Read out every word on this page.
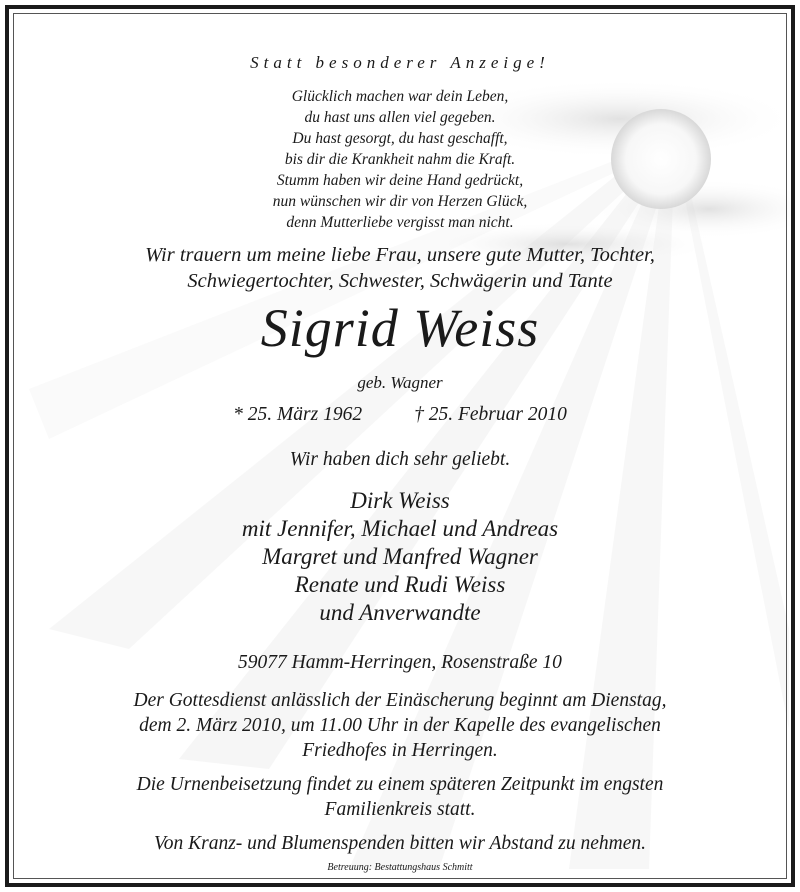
Statt besonderer Anzeige!
Glücklich machen war dein Leben,
du hast uns allen viel gegeben.
Du hast gesorgt, du hast geschafft,
bis dir die Krankheit nahm die Kraft.
Stumm haben wir deine Hand gedrückt,
nun wünschen wir dir von Herzen Glück,
denn Mutterliebe vergisst man nicht.
Wir trauern um meine liebe Frau, unsere gute Mutter, Tochter,
Schwiegertochter, Schwester, Schwägerin und Tante
Sigrid Weiss
geb. Wagner
* 25. März 1962	† 25. Februar 2010
Wir haben dich sehr geliebt.
Dirk Weiss
mit Jennifer, Michael und Andreas
Margret und Manfred Wagner
Renate und Rudi Weiss
und Anverwandte
59077 Hamm-Herringen, Rosenstraße 10
Der Gottesdienst anlässlich der Einäscherung beginnt am Dienstag,
dem 2. März 2010, um 11.00 Uhr in der Kapelle des evangelischen
Friedhofes in Herringen.
Die Urnenbeisetzung findet zu einem späteren Zeitpunkt im engsten
Familienkreis statt.
Von Kranz- und Blumenspenden bitten wir Abstand zu nehmen.
Betreuung: Bestattungshaus Schmitt
